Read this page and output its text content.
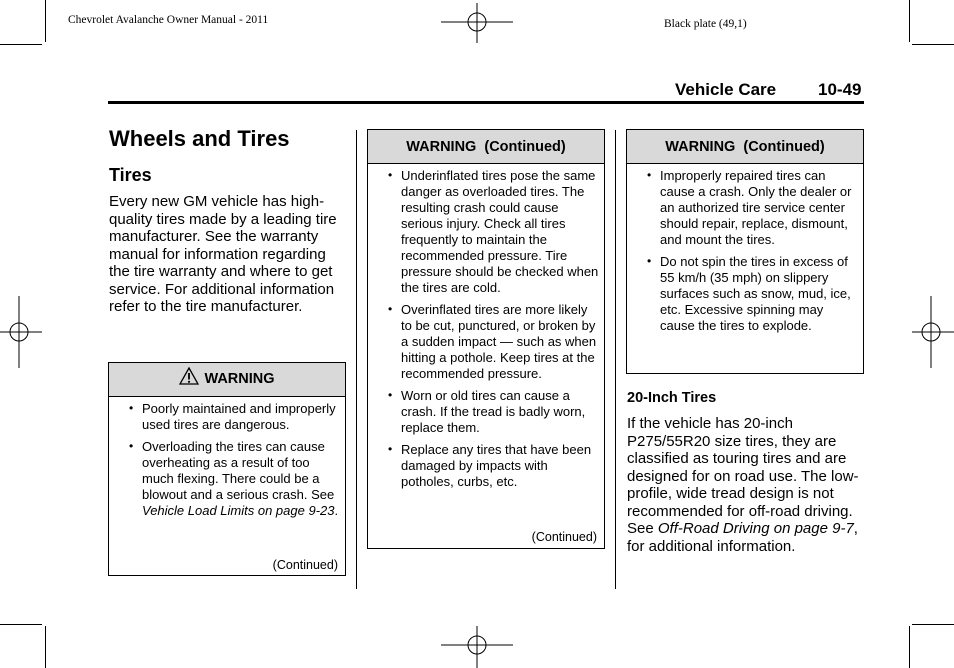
Chevrolet Avalanche Owner Manual - 2011	Black plate (49,1)
Vehicle Care 10-49
Wheels and Tires
Tires
Every new GM vehicle has high-quality tires made by a leading tire manufacturer. See the warranty manual for information regarding the tire warranty and where to get service. For additional information refer to the tire manufacturer.
WARNING
• Poorly maintained and improperly used tires are dangerous.
• Overloading the tires can cause overheating as a result of too much flexing. There could be a blowout and a serious crash. See Vehicle Load Limits on page 9-23.
(Continued)
WARNING  (Continued)
• Underinflated tires pose the same danger as overloaded tires. The resulting crash could cause serious injury. Check all tires frequently to maintain the recommended pressure. Tire pressure should be checked when the tires are cold.
• Overinflated tires are more likely to be cut, punctured, or broken by a sudden impact — such as when hitting a pothole. Keep tires at the recommended pressure.
• Worn or old tires can cause a crash. If the tread is badly worn, replace them.
• Replace any tires that have been damaged by impacts with potholes, curbs, etc.
(Continued)
WARNING  (Continued)
• Improperly repaired tires can cause a crash. Only the dealer or an authorized tire service center should repair, replace, dismount, and mount the tires.
• Do not spin the tires in excess of 55 km/h (35 mph) on slippery surfaces such as snow, mud, ice, etc. Excessive spinning may cause the tires to explode.
20-Inch Tires
If the vehicle has 20-inch P275/55R20 size tires, they are classified as touring tires and are designed for on road use. The low-profile, wide tread design is not recommended for off-road driving. See Off-Road Driving on page 9-7, for additional information.
